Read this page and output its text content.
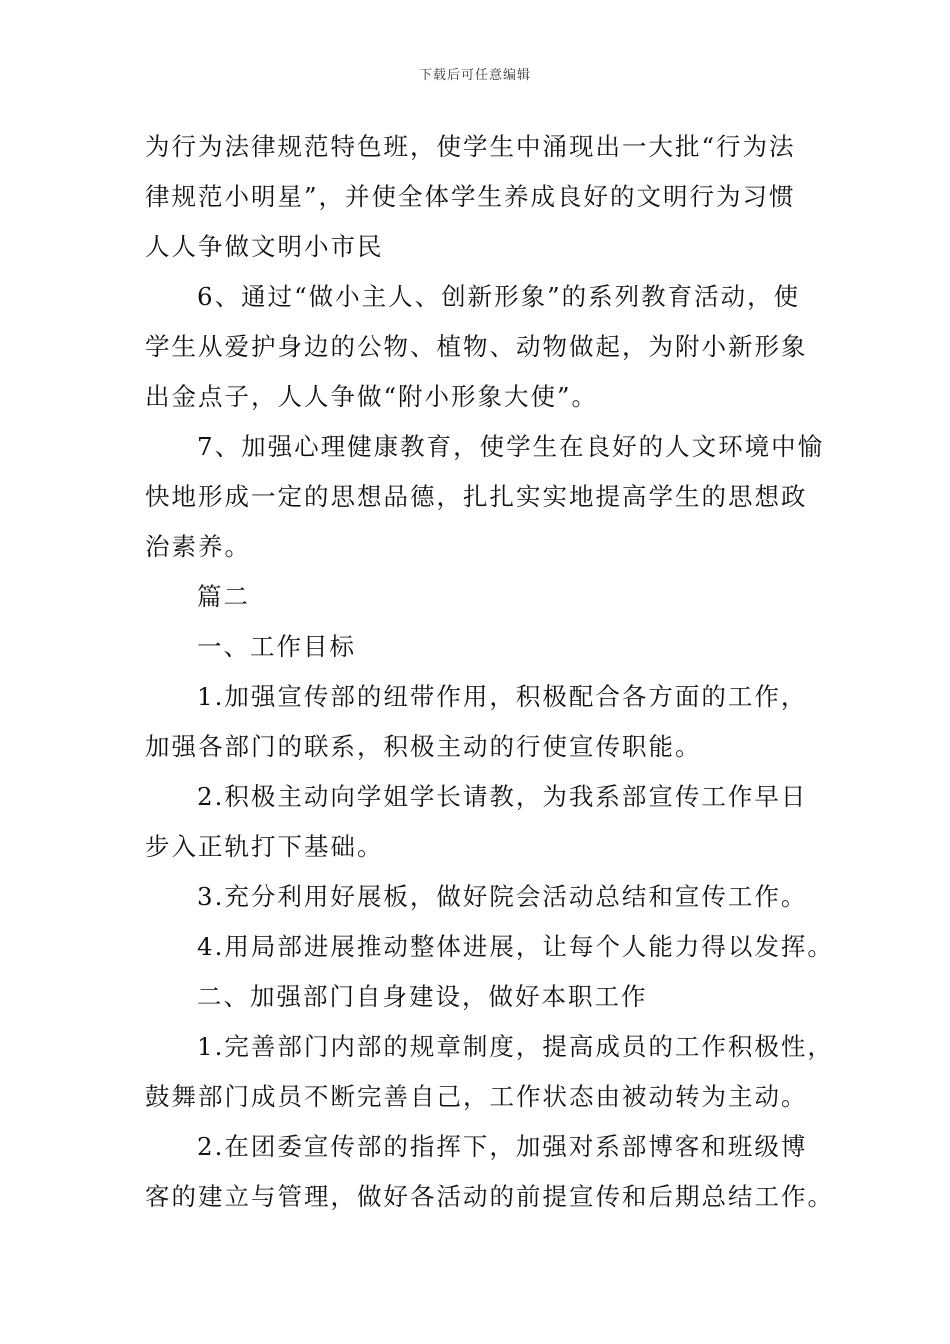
下载后可任意编辑
为行为法律规范特色班，使学生中涌现出一大批“行为法
律规范小明星”，并使全体学生养成良好的文明行为习惯
人人争做文明小市民
6、通过“做小主人、创新形象”的系列教育活动，使
学生从爱护身边的公物、植物、动物做起，为附小新形象
出金点子，人人争做“附小形象大使”。
7、加强心理健康教育，使学生在良好的人文环境中愉
快地形成一定的思想品德，扎扎实实地提高学生的思想政
治素养。
篇二
一、工作目标
1.加强宣传部的纽带作用，积极配合各方面的工作，
加强各部门的联系，积极主动的行使宣传职能。
2.积极主动向学姐学长请教，为我系部宣传工作早日
步入正轨打下基础。
3.充分利用好展板，做好院会活动总结和宣传工作。
4.用局部进展推动整体进展，让每个人能力得以发挥。
二、加强部门自身建设，做好本职工作
1.完善部门内部的规章制度，提高成员的工作积极性，
鼓舞部门成员不断完善自己，工作状态由被动转为主动。
2.在团委宣传部的指挥下，加强对系部博客和班级博
客的建立与管理，做好各活动的前提宣传和后期总结工作。
